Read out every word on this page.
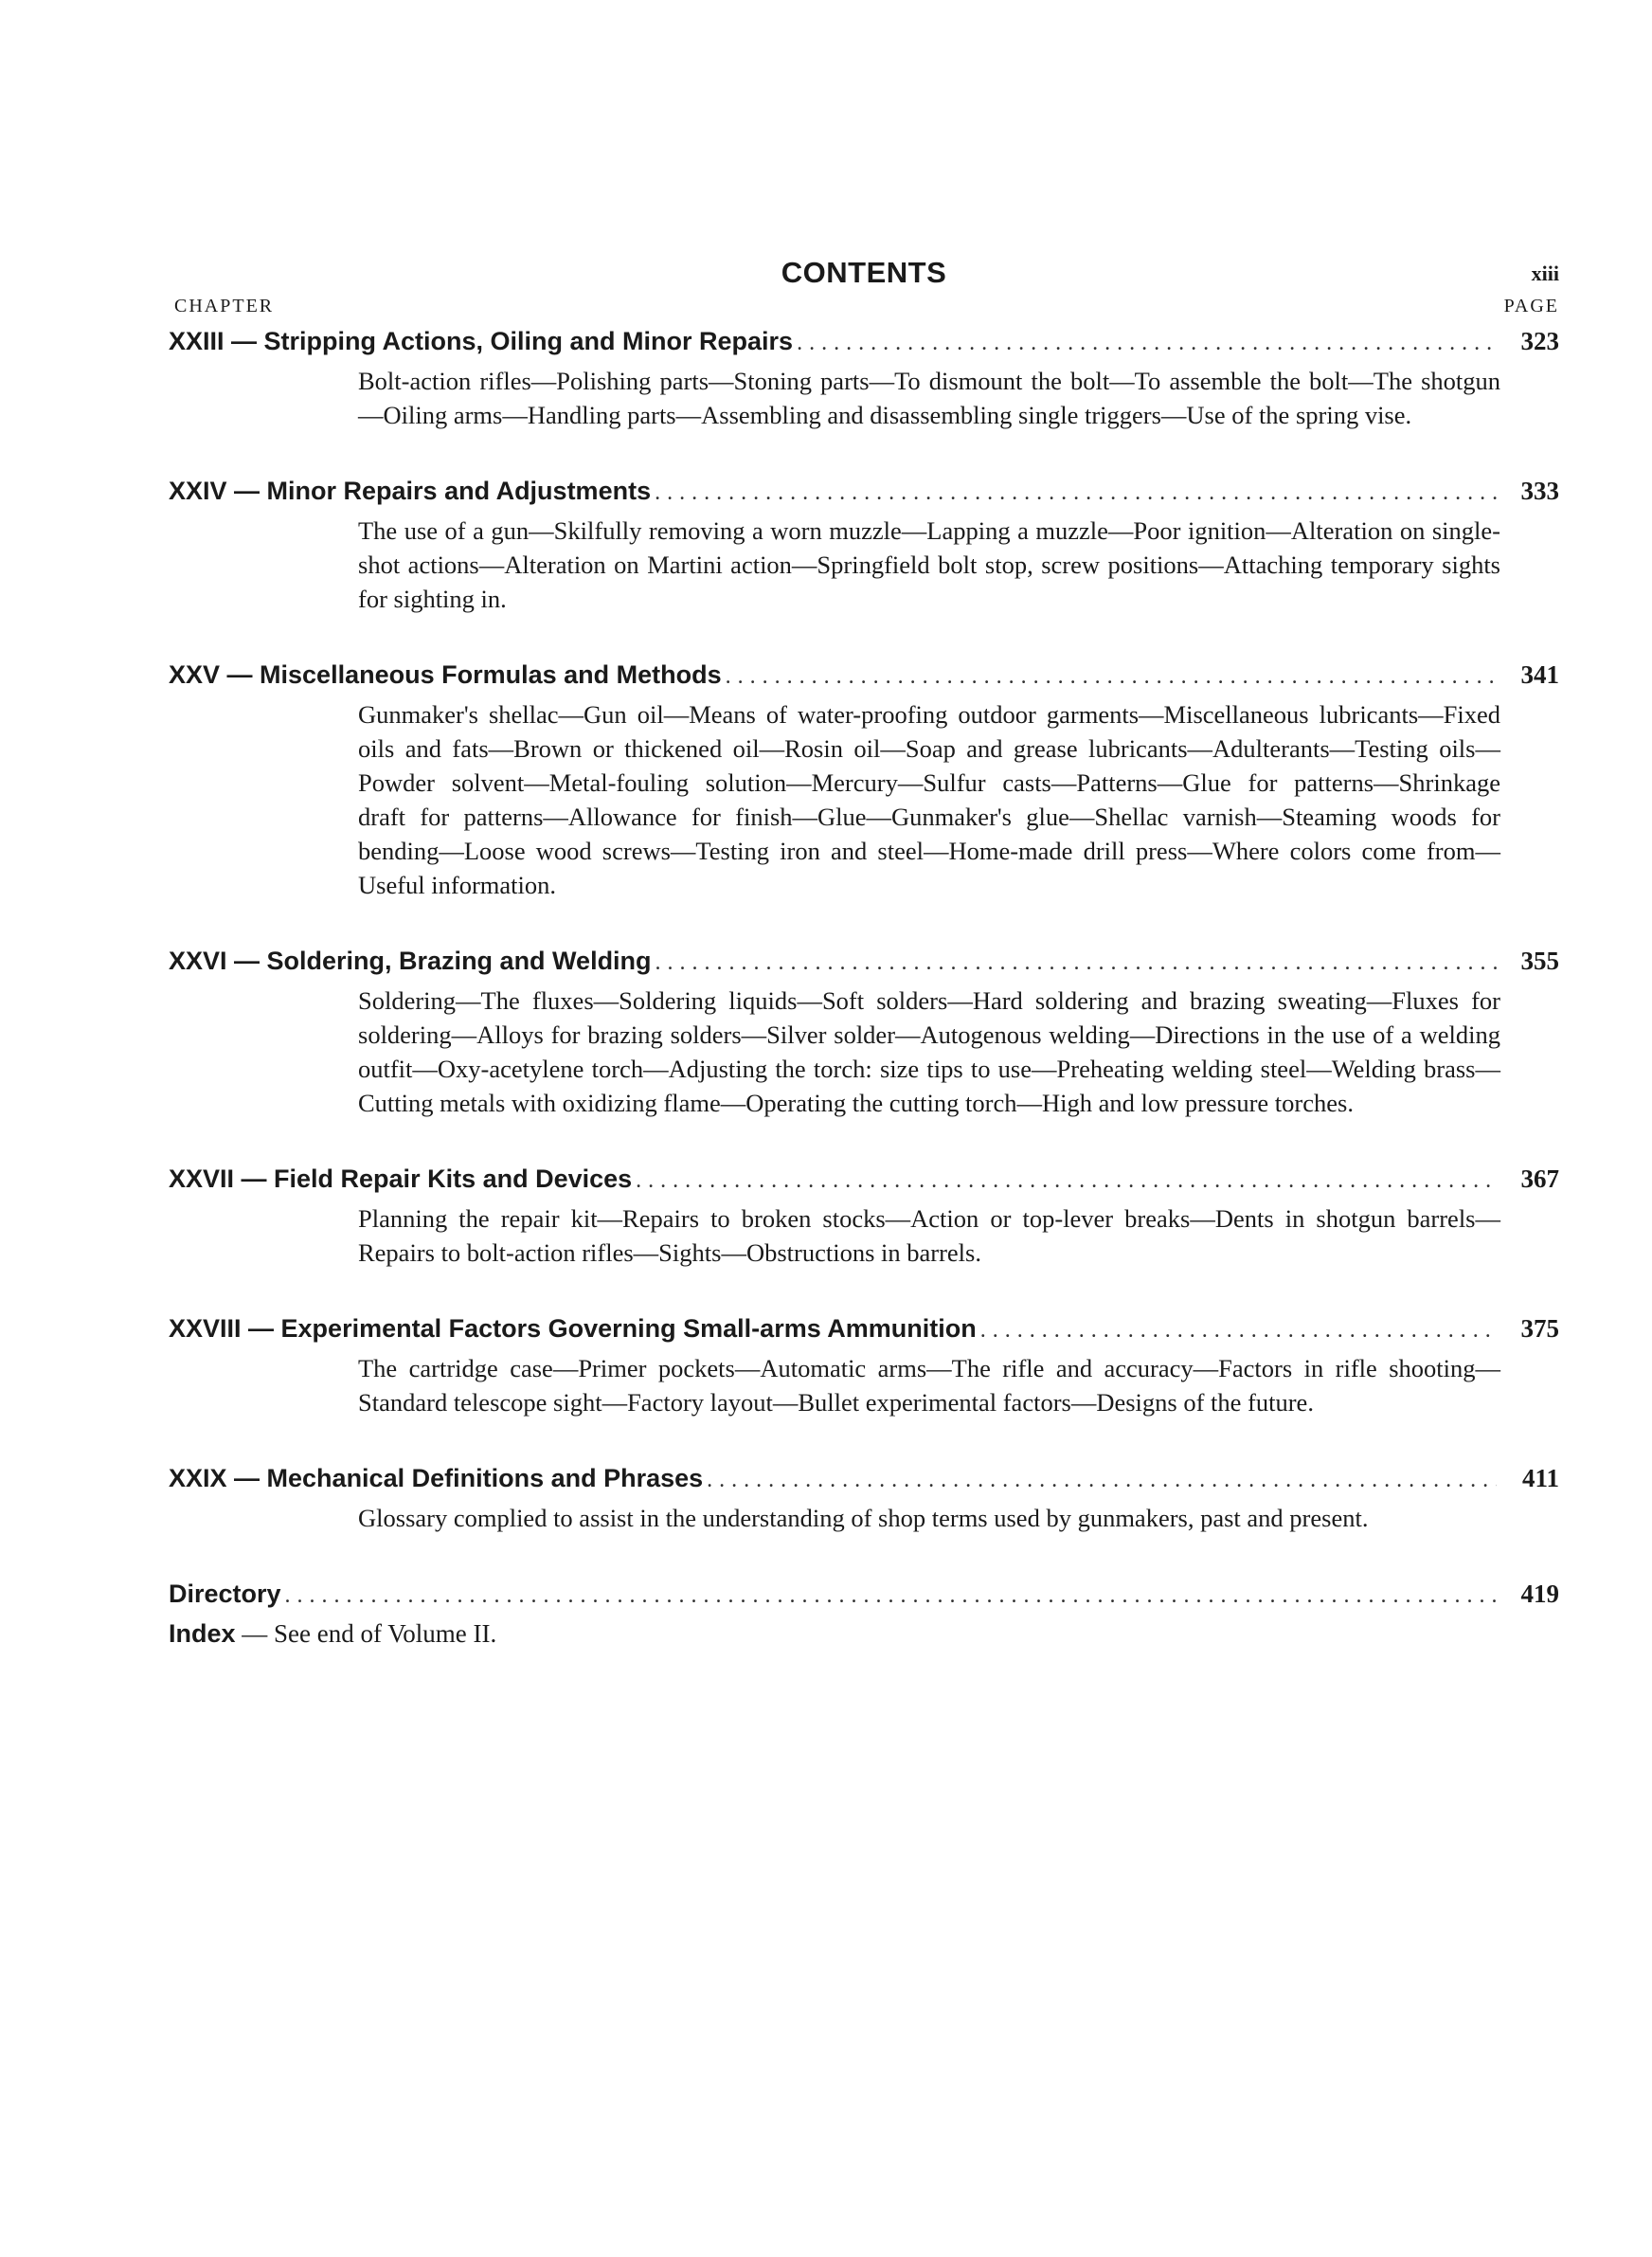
CONTENTS	xiii
CHAPTER	PAGE
XXIII — Stripping Actions, Oiling and Minor Repairs .....	323
Bolt-action rifles—Polishing parts—Stoning parts—To dismount the bolt—To assemble the bolt—The shotgun—Oiling arms—Handling parts—Assembling and disassembling single triggers—Use of the spring vise.
XXIV — Minor Repairs and Adjustments .....	333
The use of a gun—Skilfully removing a worn muzzle—Lapping a muzzle—Poor ignition—Alteration on single-shot actions—Alteration on Martini action—Springfield bolt stop, screw positions—Attaching temporary sights for sighting in.
XXV — Miscellaneous Formulas and Methods .....	341
Gunmaker's shellac—Gun oil—Means of water-proofing outdoor garments—Miscellaneous lubricants—Fixed oils and fats—Brown or thickened oil—Rosin oil—Soap and grease lubricants—Adulterants—Testing oils—Powder solvent—Metal-fouling solution—Mercury—Sulfur casts—Patterns—Glue for patterns—Shrinkage draft for patterns—Allowance for finish—Glue—Gunmaker's glue—Shellac varnish—Steaming woods for bending—Loose wood screws—Testing iron and steel—Home-made drill press—Where colors come from—Useful information.
XXVI — Soldering, Brazing and Welding .....	355
Soldering—The fluxes—Soldering liquids—Soft solders—Hard soldering and brazing sweating—Fluxes for soldering—Alloys for brazing solders—Silver solder—Autogenous welding—Directions in the use of a welding outfit—Oxy-acetylene torch—Adjusting the torch: size tips to use—Preheating welding steel—Welding brass—Cutting metals with oxidizing flame—Operating the cutting torch—High and low pressure torches.
XXVII — Field Repair Kits and Devices .....	367
Planning the repair kit—Repairs to broken stocks—Action or top-lever breaks—Dents in shotgun barrels—Repairs to bolt-action rifles—Sights—Obstructions in barrels.
XXVIII — Experimental Factors Governing Small-arms Ammunition .....	375
The cartridge case—Primer pockets—Automatic arms—The rifle and accuracy—Factors in rifle shooting—Standard telescope sight—Factory layout—Bullet experimental factors—Designs of the future.
XXIX — Mechanical Definitions and Phrases .....	411
Glossary complied to assist in the understanding of shop terms used by gunmakers, past and present.
Directory .....	419
Index — See end of Volume II.
